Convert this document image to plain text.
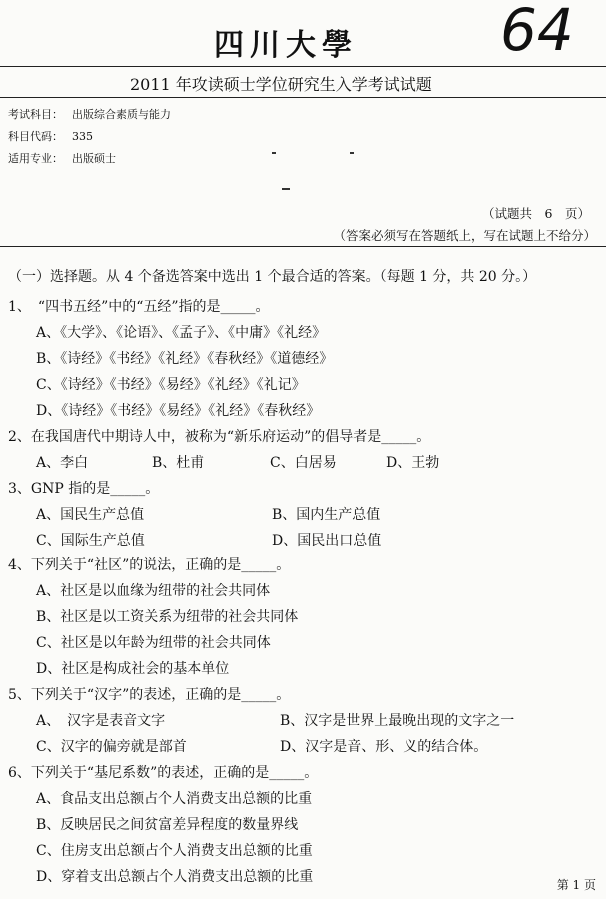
四川大學 64
2011 年攻读硕士学位研究生入学考试试题
考试科目： 出版综合素质与能力
科目代码： 335
适用专业： 出版硕士
（试题共　6　页）
（答案必须写在答题纸上，写在试题上不给分）
（一）选择题。从 4 个备选答案中选出 1 个最合适的答案。（每题 1 分，共 20 分。）
1、　“四书五经”中的“五经”指的是_____。
A、《大学》、《论语》、《孟子》、《中庸》《礼经》
B、《诗经》《书经》《礼经》《春秋经》《道德经》
C、《诗经》《书经》《易经》《礼经》《礼记》
D、《诗经》《书经》《易经》《礼经》《春秋经》
2、在我国唐代中期诗人中，被称为“新乐府运动”的倡导者是_____。
A、李白	B、杜甫	C、白居易	D、王勃
3、GNP 指的是_____。
A、国民生产总值	B、国内生产总值
C、国际生产总值	D、国民出口总值
4、下列关于“社区”的说法，正确的是_____。
A、社区是以血缘为纽带的社会共同体
B、社区是以工资关系为纽带的社会共同体
C、社区是以年龄为纽带的社会共同体
D、社区是构成社会的基本单位
5、下列关于“汉字”的表述，正确的是_____。
A、　汉字是表音文字	B、汉字是世界上最晚出现的文字之一
C、汉字的偏旁就是部首	D、汉字是音、形、义的结合体。
6、下列关于“基尼系数”的表述，正确的是_____。
A、食品支出总额占个人消费支出总额的比重
B、反映居民之间贫富差异程度的数量界线
C、住房支出总额占个人消费支出总额的比重
D、穿着支出总额占个人消费支出总额的比重	第 1 页
